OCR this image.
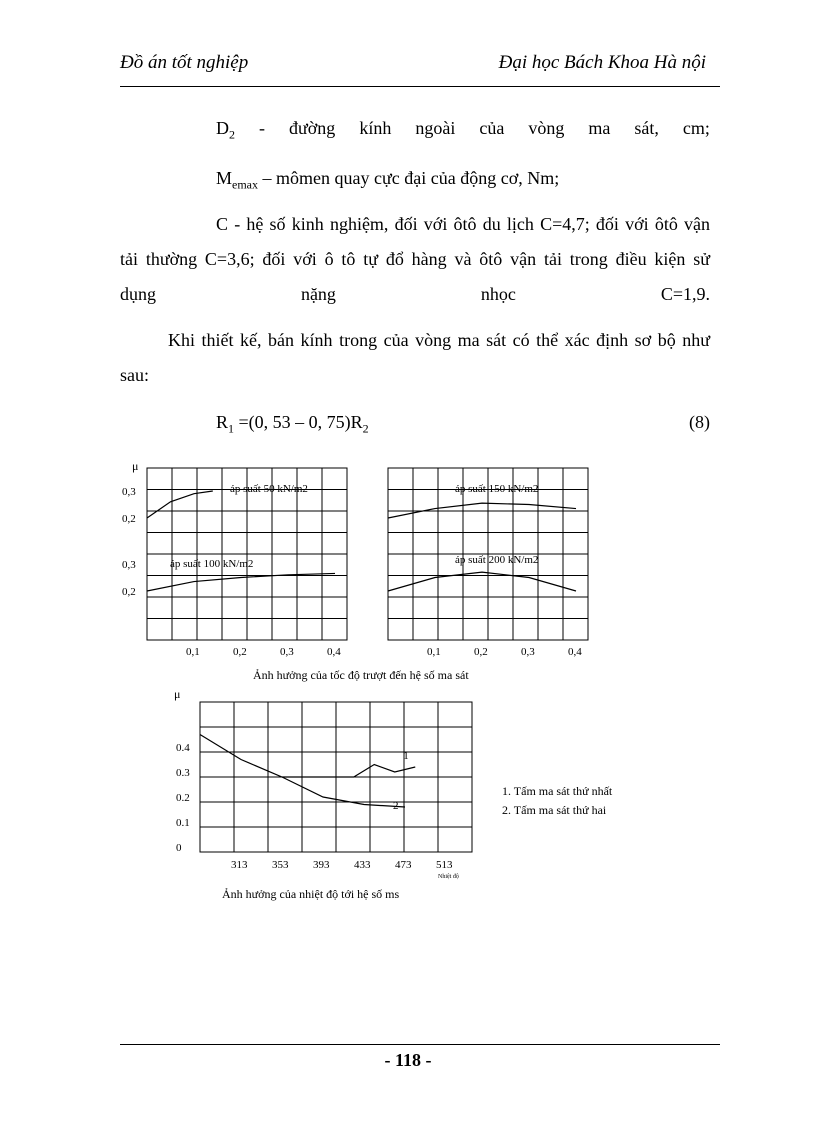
Đồ án tốt nghiệp	Đại học Bách Khoa Hà nội
$D_2$ - đường kính ngoài của vòng ma sát, cm;
$M_{emax}$ – mômen quay cực đại của động cơ, Nm;
C - hệ số kinh nghiệm, đối với ôtô du lịch C=4,7; đối với ôtô vận
tải thường C=3,6; đối với ô tô tự đổ hàng và ôtô vận tải trong điều kiện sử
dụng	nặng	nhọc	C=1,9.
Khi thiết kế, bán kính trong của vòng ma sát có thể xác định sơ bộ như
sau:
$R_1 =(0$, 53 – 0, $75)R_2$	(8)
μ
áp suất 50 kN/m2
0,3
0,2
áp suất 100 kN/m2
0,3
0,2
áp suất 150 kN/m2
áp suất 200 kN/m2
0,1	0,2	0,3	0,4	0,1	0,2	0,3	0,4
Ảnh hưởng của tốc độ trượt đến hệ số ma sát
μ
0.4
0.3
0.2
0.1
0
313 353 393 433 473 513
Nhiệt độ
1
2
1. Tấm ma sát thứ nhất
2. Tấm ma sát thứ hai
Ảnh hưởng của nhiệt độ tới hệ số ms
- 118 -
